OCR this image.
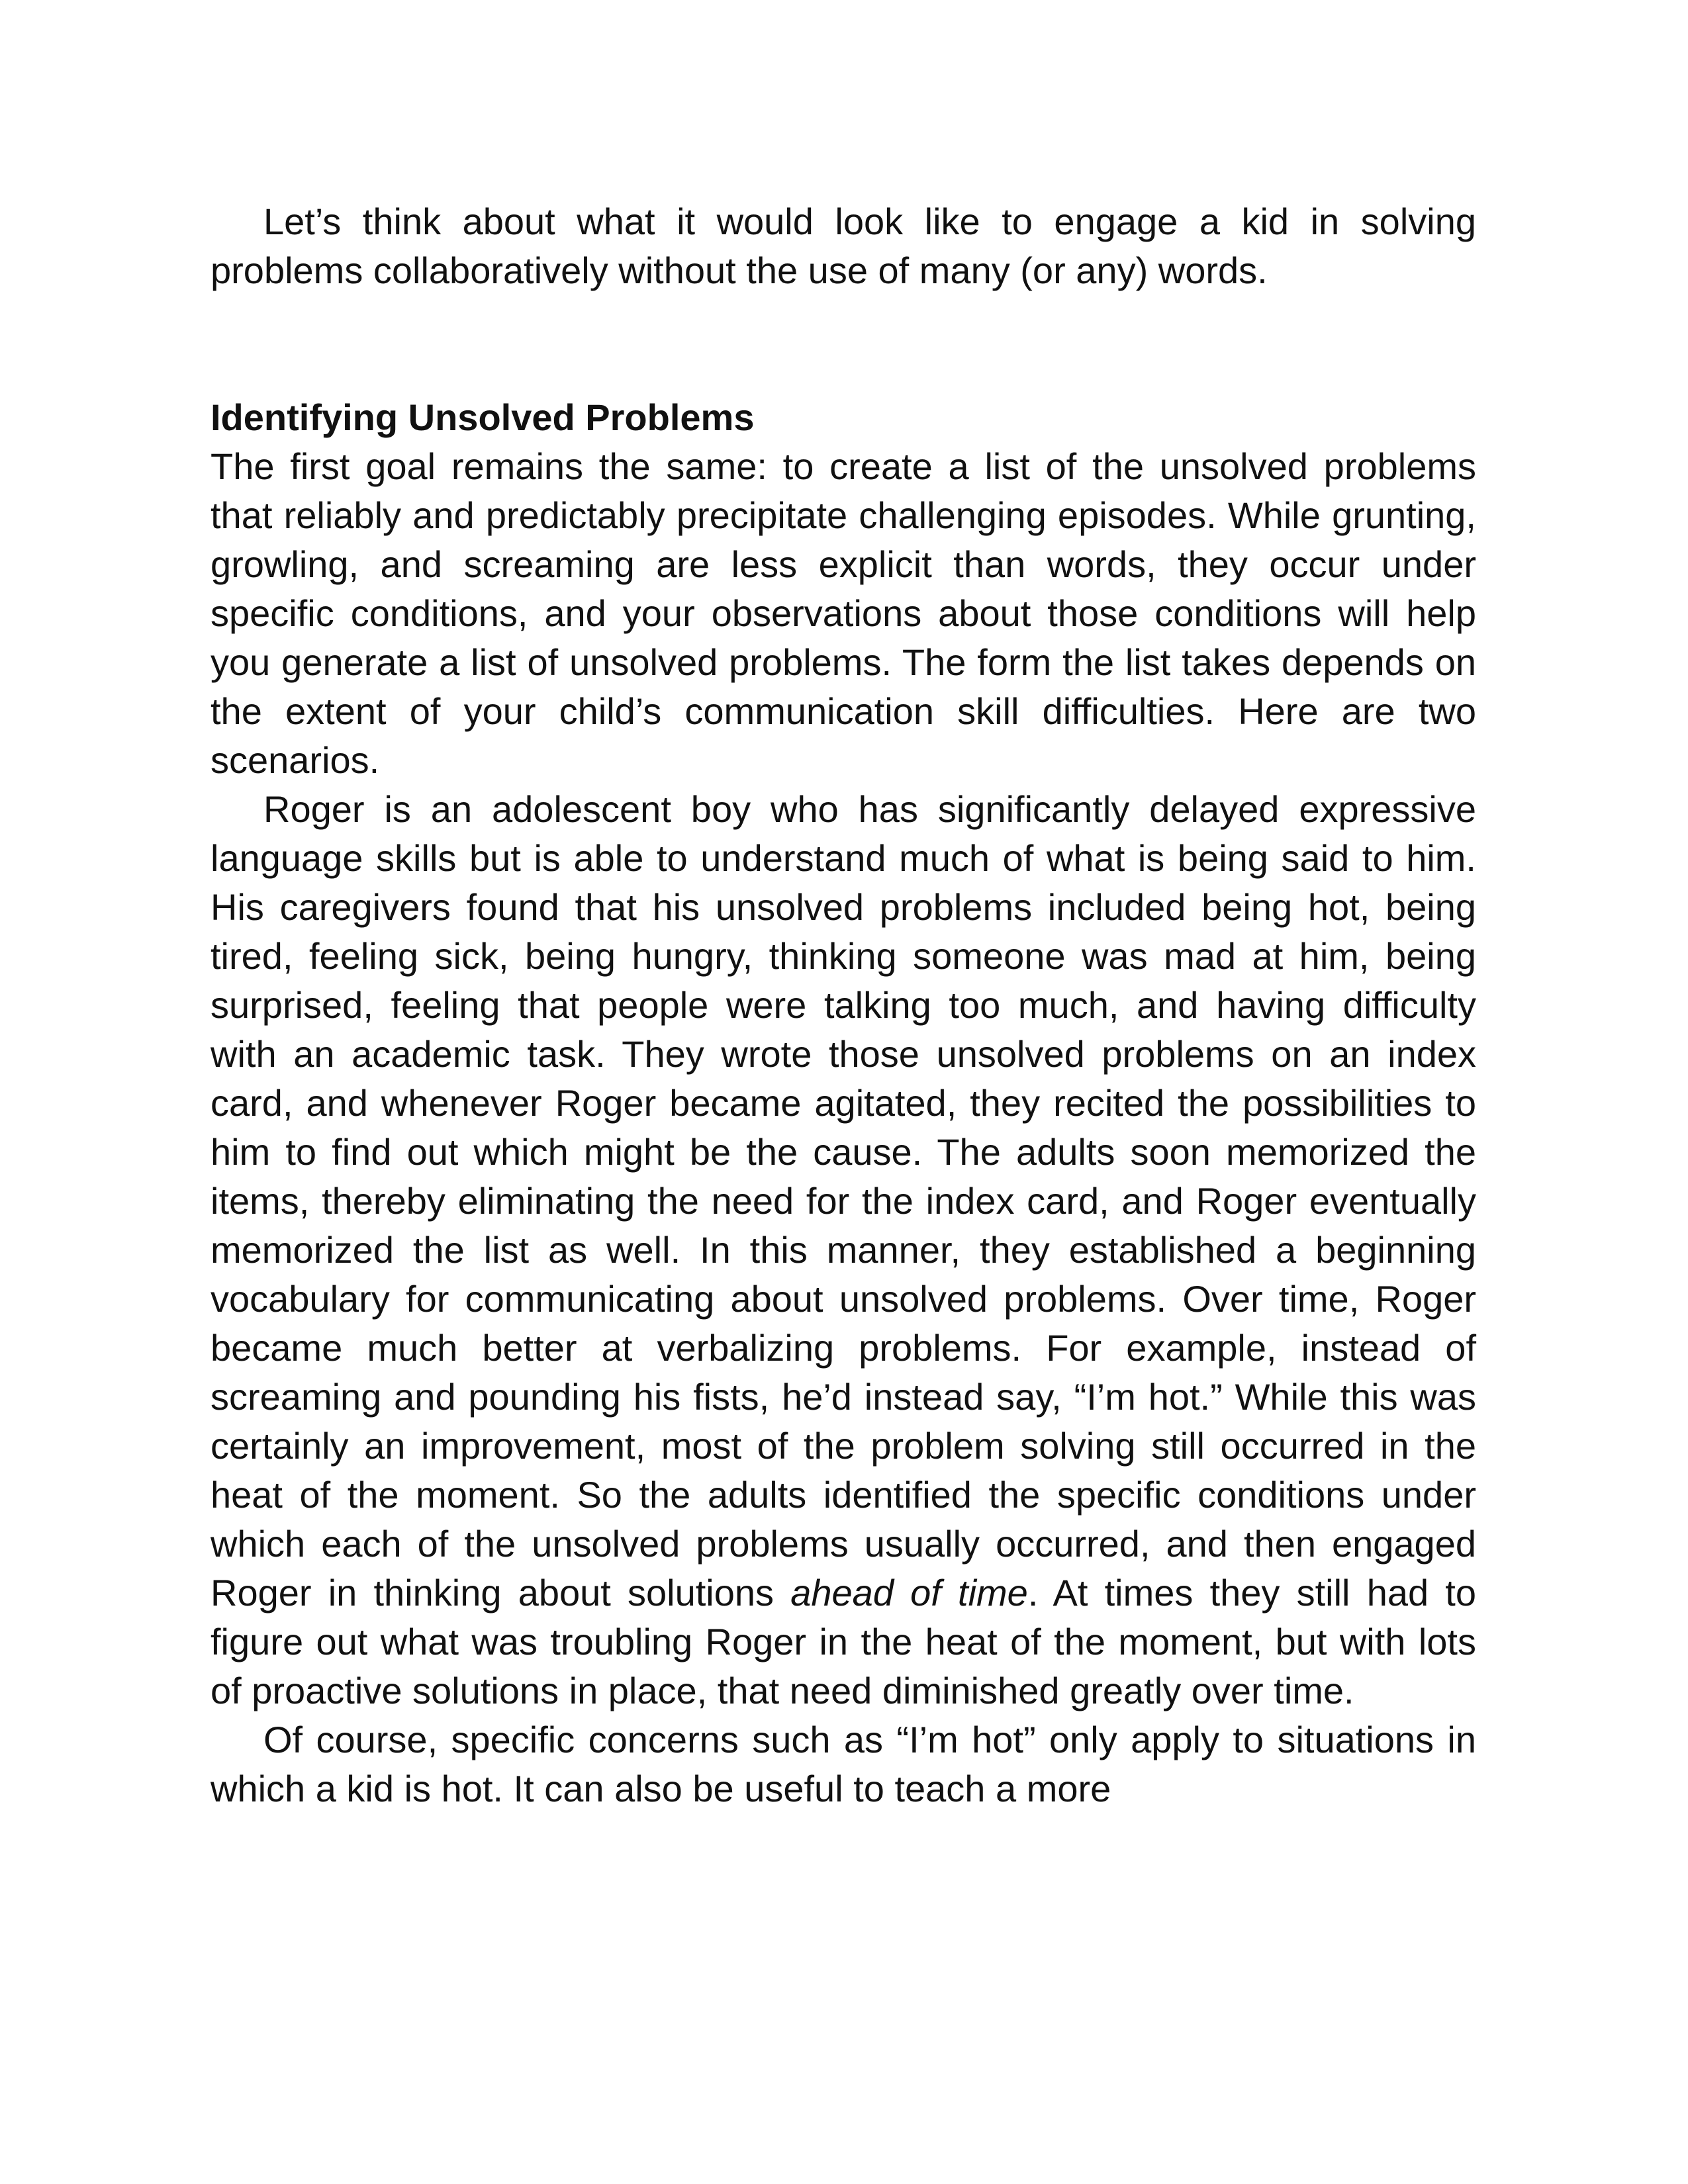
Let’s think about what it would look like to engage a kid in solving problems collaboratively without the use of many (or any) words.

Identifying Unsolved Problems

The first goal remains the same: to create a list of the unsolved problems that reliably and predictably precipitate challenging episodes. While grunting, growling, and screaming are less explicit than words, they occur under specific conditions, and your observations about those conditions will help you generate a list of unsolved problems. The form the list takes depends on the extent of your child’s communication skill difficulties. Here are two scenarios.

Roger is an adolescent boy who has significantly delayed expressive language skills but is able to understand much of what is being said to him. His caregivers found that his unsolved problems included being hot, being tired, feeling sick, being hungry, thinking someone was mad at him, being surprised, feeling that people were talking too much, and having difficulty with an academic task. They wrote those unsolved problems on an index card, and whenever Roger became agitated, they recited the possibilities to him to find out which might be the cause. The adults soon memorized the items, thereby eliminating the need for the index card, and Roger eventually memorized the list as well. In this manner, they established a beginning vocabulary for communicating about unsolved problems. Over time, Roger became much better at verbalizing problems. For example, instead of screaming and pounding his fists, he’d instead say, “I’m hot.” While this was certainly an improvement, most of the problem solving still occurred in the heat of the moment. So the adults identified the specific conditions under which each of the unsolved problems usually occurred, and then engaged Roger in thinking about solutions ahead of time. At times they still had to figure out what was troubling Roger in the heat of the moment, but with lots of proactive solutions in place, that need diminished greatly over time.

Of course, specific concerns such as “I’m hot” only apply to situations in which a kid is hot. It can also be useful to teach a more
